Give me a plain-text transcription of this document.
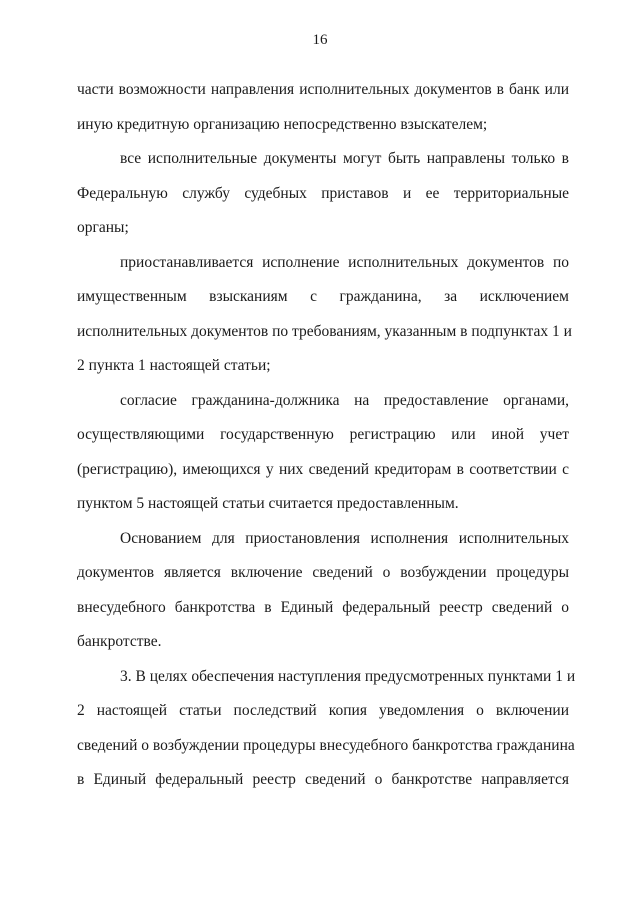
16

части возможности направления исполнительных документов в банк или
иную кредитную организацию непосредственно взыскателем;

все исполнительные документы могут быть направлены только в
Федеральную службу судебных приставов и ее территориальные
органы;

приостанавливается исполнение исполнительных документов по
имущественным взысканиям с гражданина, за исключением
исполнительных документов по требованиям, указанным в подпунктах 1 и
2 пункта 1 настоящей статьи;

согласие гражданина-должника на предоставление органами,
осуществляющими государственную регистрацию или иной учет
(регистрацию), имеющихся у них сведений кредиторам в соответствии с
пунктом 5 настоящей статьи считается предоставленным.

Основанием для приостановления исполнения исполнительных
документов является включение сведений о возбуждении процедуры
внесудебного банкротства в Единый федеральный реестр сведений о
банкротстве.

3. В целях обеспечения наступления предусмотренных пунктами 1 и
2 настоящей статьи последствий копия уведомления о включении
сведений о возбуждении процедуры внесудебного банкротства гражданина
в Единый федеральный реестр сведений о банкротстве направляется
